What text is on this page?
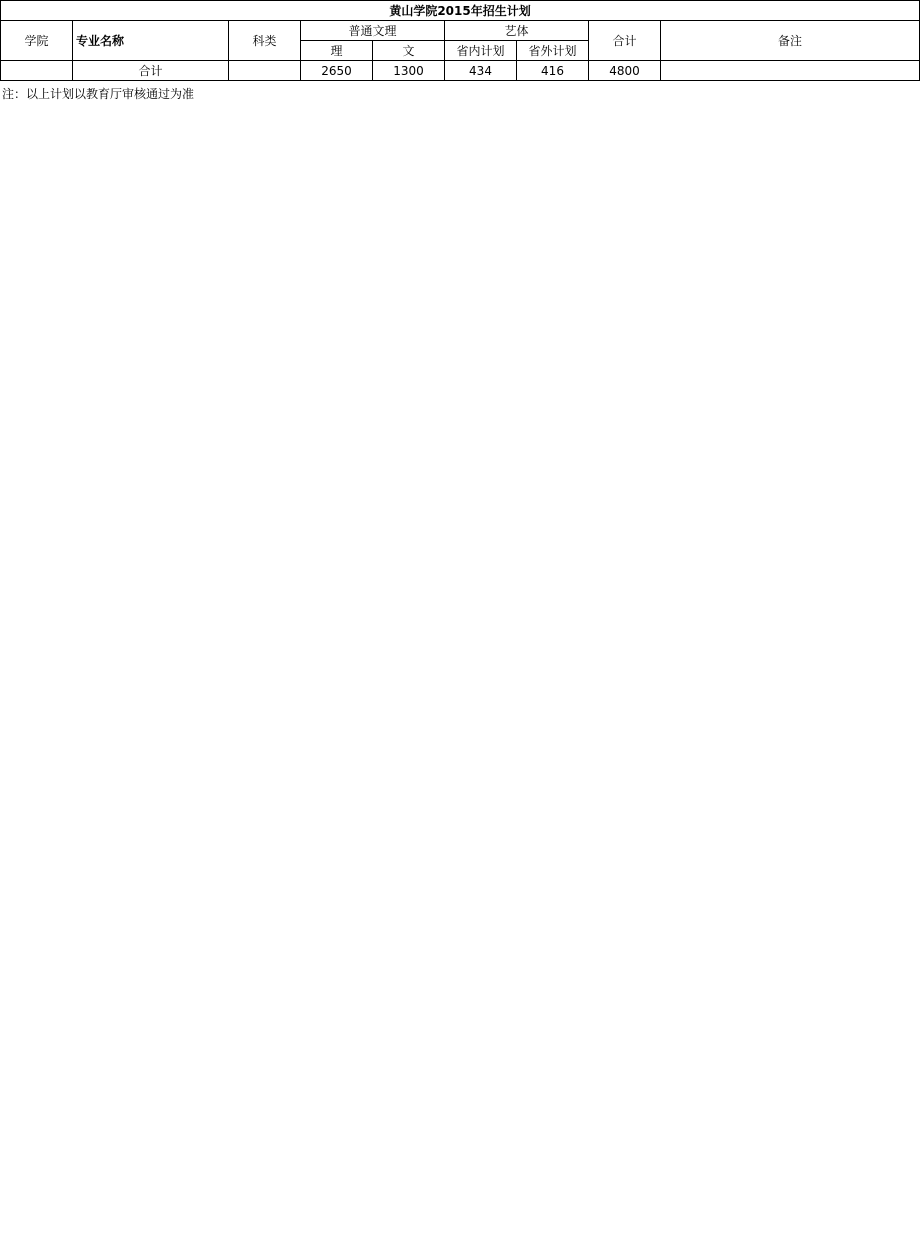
黄山学院2015年招生计划								
学院	专业名称	科类	普通文理		艺体		合计	备注
			理	文	省内计划	省外计划		
	合计		2650	1300	434	416	4800	
注：以上计划以教育厅审核通过为准
